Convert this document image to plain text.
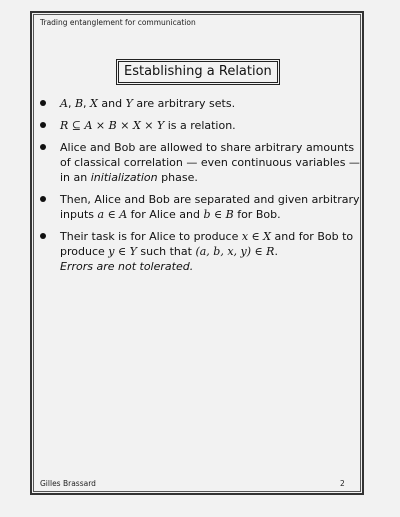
Trading entanglement for communication
Establishing a Relation
A, B, X and Y are arbitrary sets.
R ⊆ A × B × X × Y is a relation.
Alice and Bob are allowed to share arbitrary amounts of classical correlation — even continuous variables — in an initialization phase.
Then, Alice and Bob are separated and given arbitrary inputs a ∈ A for Alice and b ∈ B for Bob.
Their task is for Alice to produce x ∈ X and for Bob to produce y ∈ Y such that (a, b, x, y) ∈ R.
Errors are not tolerated.
Gilles Brassard	2
